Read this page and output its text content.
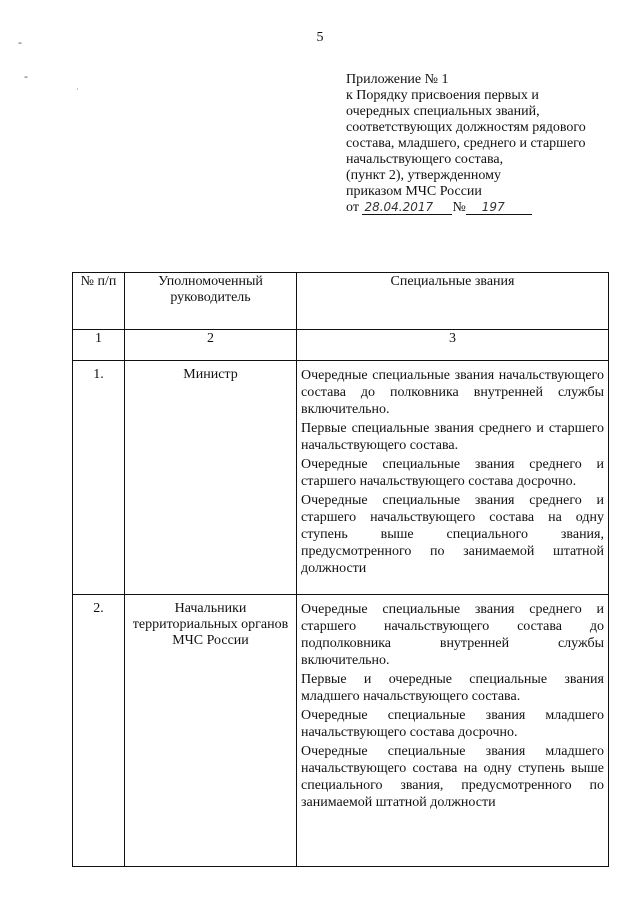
5
-
-
·
Приложение № 1
к Порядку присвоения первых и
очередных специальных званий,
соответствующих должностям рядового
состава, младшего, среднего и старшего
начальствующего состава,
(пункт 2), утвержденному
приказом МЧС России
от 28.04.2017 № 197
№ п/п	Уполномоченный руководитель	Специальные звания
1	2	3
1.	Министр	Очередные специальные звания начальствующего состава до полковника внутренней службы включительно.

Первые специальные звания среднего и старшего начальствующего состава.

Очередные специальные звания среднего и старшего начальствующего состава досрочно.

Очередные специальные звания среднего и старшего начальствующего состава на одну ступень выше специального звания, предусмотренного по занимаемой штатной должности

2.	Начальники территориальных органов МЧС России	Очередные специальные звания среднего и старшего начальствующего состава до подполковника внутренней службы включительно.

Первые и очередные специальные звания младшего начальствующего состава.

Очередные специальные звания младшего начальствующего состава досрочно.

Очередные специальные звания младшего начальствующего состава на одну ступень выше специального звания, предусмотренного по занимаемой штатной должности
